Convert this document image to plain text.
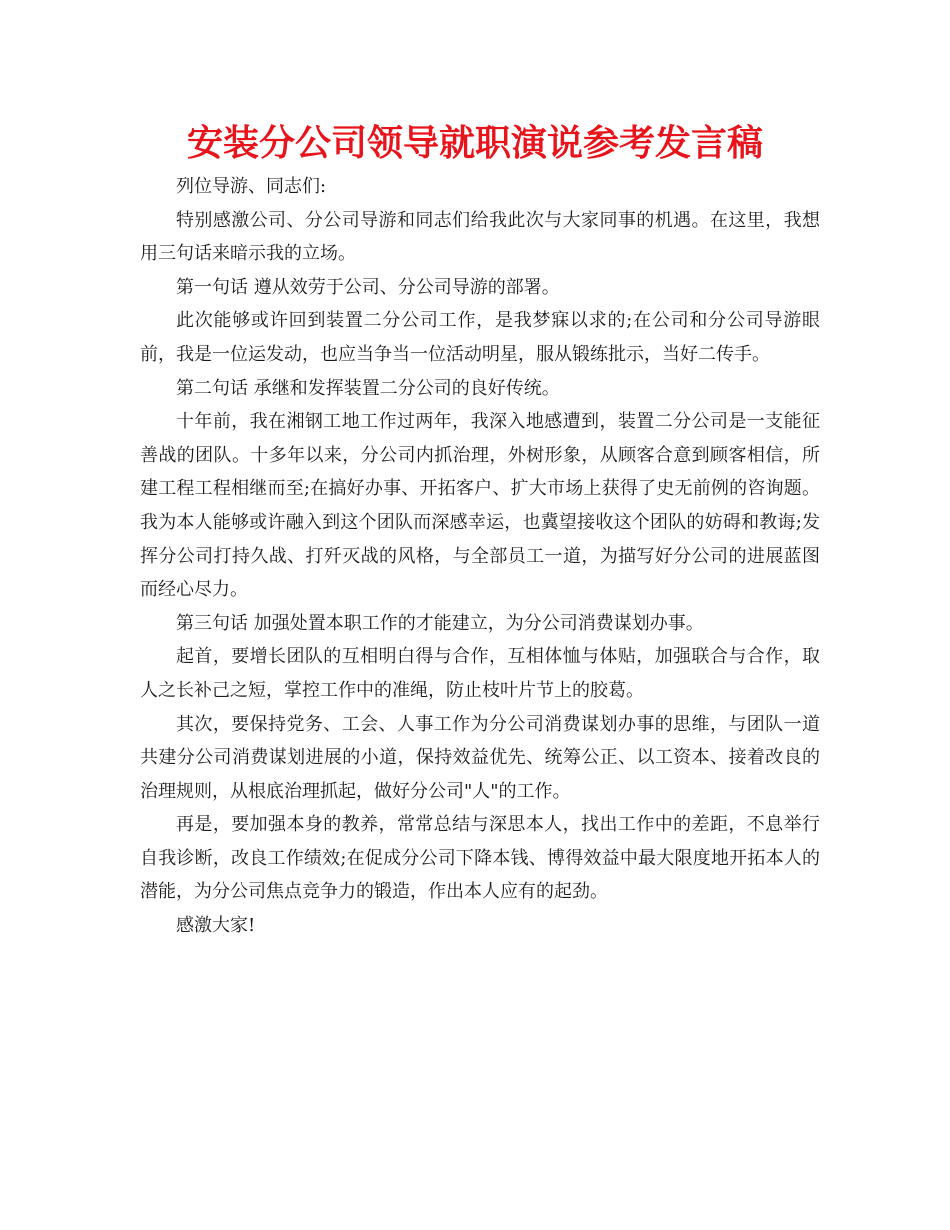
安装分公司领导就职演说参考发言稿

列位导游、同志们:

特别感激公司、分公司导游和同志们给我此次与大家同事的机遇。在这里，我想用三句话来暗示我的立场。

第一句话 遵从效劳于公司、分公司导游的部署。

此次能够或许回到装置二分公司工作，是我梦寐以求的;在公司和分公司导游眼前，我是一位运发动，也应当争当一位活动明星，服从锻练批示，当好二传手。

第二句话 承继和发挥装置二分公司的良好传统。

十年前，我在湘钢工地工作过两年，我深入地感遭到，装置二分公司是一支能征善战的团队。十多年以来，分公司内抓治理，外树形象，从顾客合意到顾客相信，所建工程工程相继而至;在搞好办事、开拓客户、扩大市场上获得了史无前例的咨询题。我为本人能够或许融入到这个团队而深感幸运，也冀望接收这个团队的妨碍和教诲;发挥分公司打持久战、打歼灭战的风格，与全部员工一道，为描写好分公司的进展蓝图而经心尽力。

第三句话 加强处置本职工作的才能建立，为分公司消费谋划办事。

起首，要增长团队的互相明白得与合作，互相体恤与体贴，加强联合与合作，取人之长补己之短，掌控工作中的准绳，防止枝叶片节上的胶葛。

其次，要保持党务、工会、人事工作为分公司消费谋划办事的思维，与团队一道共建分公司消费谋划进展的小道，保持效益优先、统筹公正、以工资本、接着改良的治理规则，从根底治理抓起，做好分公司"人"的工作。

再是，要加强本身的教养，常常总结与深思本人，找出工作中的差距，不息举行自我诊断，改良工作绩效;在促成分公司下降本钱、博得效益中最大限度地开拓本人的潜能，为分公司焦点竞争力的锻造，作出本人应有的起劲。

感激大家!
